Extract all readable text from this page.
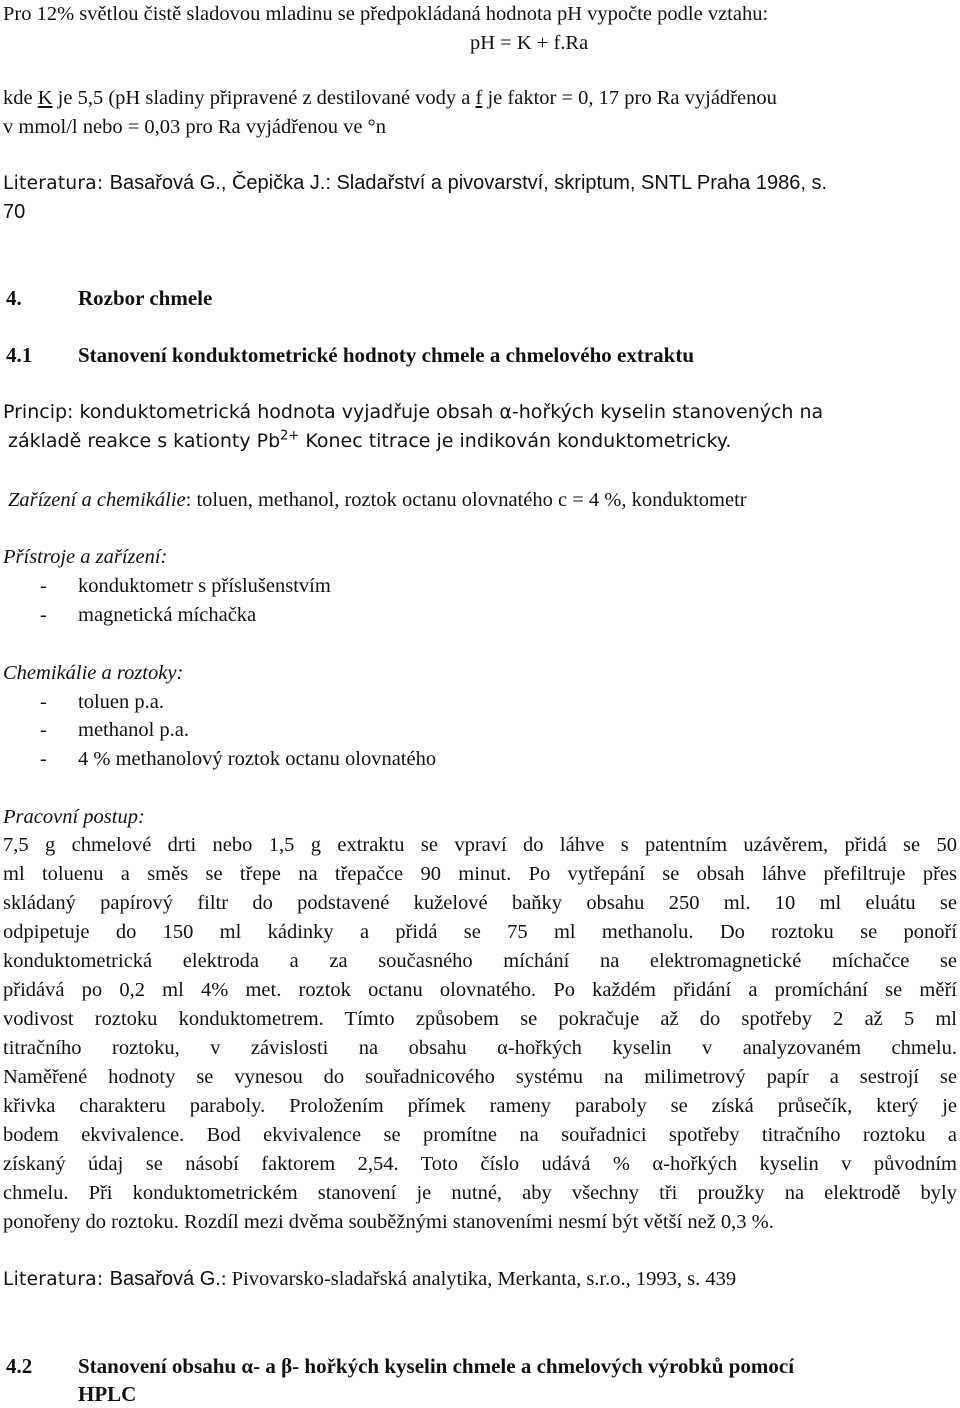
Pro 12% světlou čistě sladovou mladinu se předpokládaná hodnota pH vypočte podle vztahu:
pH = K + f.Ra
kde K je 5,5 (pH sladiny připravené z destilované vody a f je faktor = 0, 17 pro Ra vyjádřenou
v mmol/l nebo = 0,03 pro Ra vyjádřenou ve °n
Literatura: Basařová G., Čepička J.: Sladařství a pivovarství, skriptum, SNTL Praha 1986, s.
70
4.	Rozbor chmele
4.1 Stanovení konduktometrické hodnoty chmele a chmelového extraktu
Princip: konduktometrická hodnota vyjadřuje obsah α-hořkých kyselin stanovených na
základě reakce s kationty $Pb^{2+}$ Konec titrace je indikován konduktometricky.
Zařízení a chemikálie: toluen, methanol, roztok octanu olovnatého c = 4 %, konduktometr
Přístroje a zařízení:
- konduktometr s příslušenstvím
- magnetická míchačka
Chemikálie a roztoky:
- toluen p.a.
- methanol p.a.
- 4 % methanolový roztok octanu olovnatého
Pracovní postup:
7,5 g chmelové drti nebo 1,5 g extraktu se vpraví do láhve s patentním uzávěrem, přidá se 50
ml toluenu a směs se třepe na třepačce 90 minut. Po vytřepání se obsah láhve přefiltruje přes
skládaný papírový filtr do podstavené kuželové baňky obsahu 250 ml. 10 ml eluátu se
odpipetuje do 150 ml kádinky a přidá se 75 ml methanolu. Do roztoku se ponoří
konduktometrická elektroda a za současného míchání na elektromagnetické míchačce se
přidává po 0,2 ml 4% met. roztok octanu olovnatého. Po každém přidání a promíchání se měří
vodivost roztoku konduktometrem. Tímto způsobem se pokračuje až do spotřeby 2 až 5 ml
titračního roztoku, v závislosti na obsahu α-hořkých kyselin v analyzovaném chmelu.
Naměřené hodnoty se vynesou do souřadnicového systému na milimetrový papír a sestrojí se
křivka charakteru paraboly. Proložením přímek rameny paraboly se získá průsečík, který je
bodem ekvivalence. Bod ekvivalence se promítne na souřadnici spotřeby titračního roztoku a
získaný údaj se násobí faktorem 2,54. Toto číslo udává % α-hořkých kyselin v původním
chmelu. Při konduktometrickém stanovení je nutné, aby všechny tři proužky na elektrodě byly
ponořeny do roztoku. Rozdíl mezi dvěma souběžnými stanoveními nesmí být větší než 0,3 %.
Literatura: Basařová G.: Pivovarsko-sladařská analytika, Merkanta, s.r.o., 1993, s. 439
4.2 Stanovení obsahu α- a β- hořkých kyselin chmele a chmelových výrobků pomocí
HPLC
